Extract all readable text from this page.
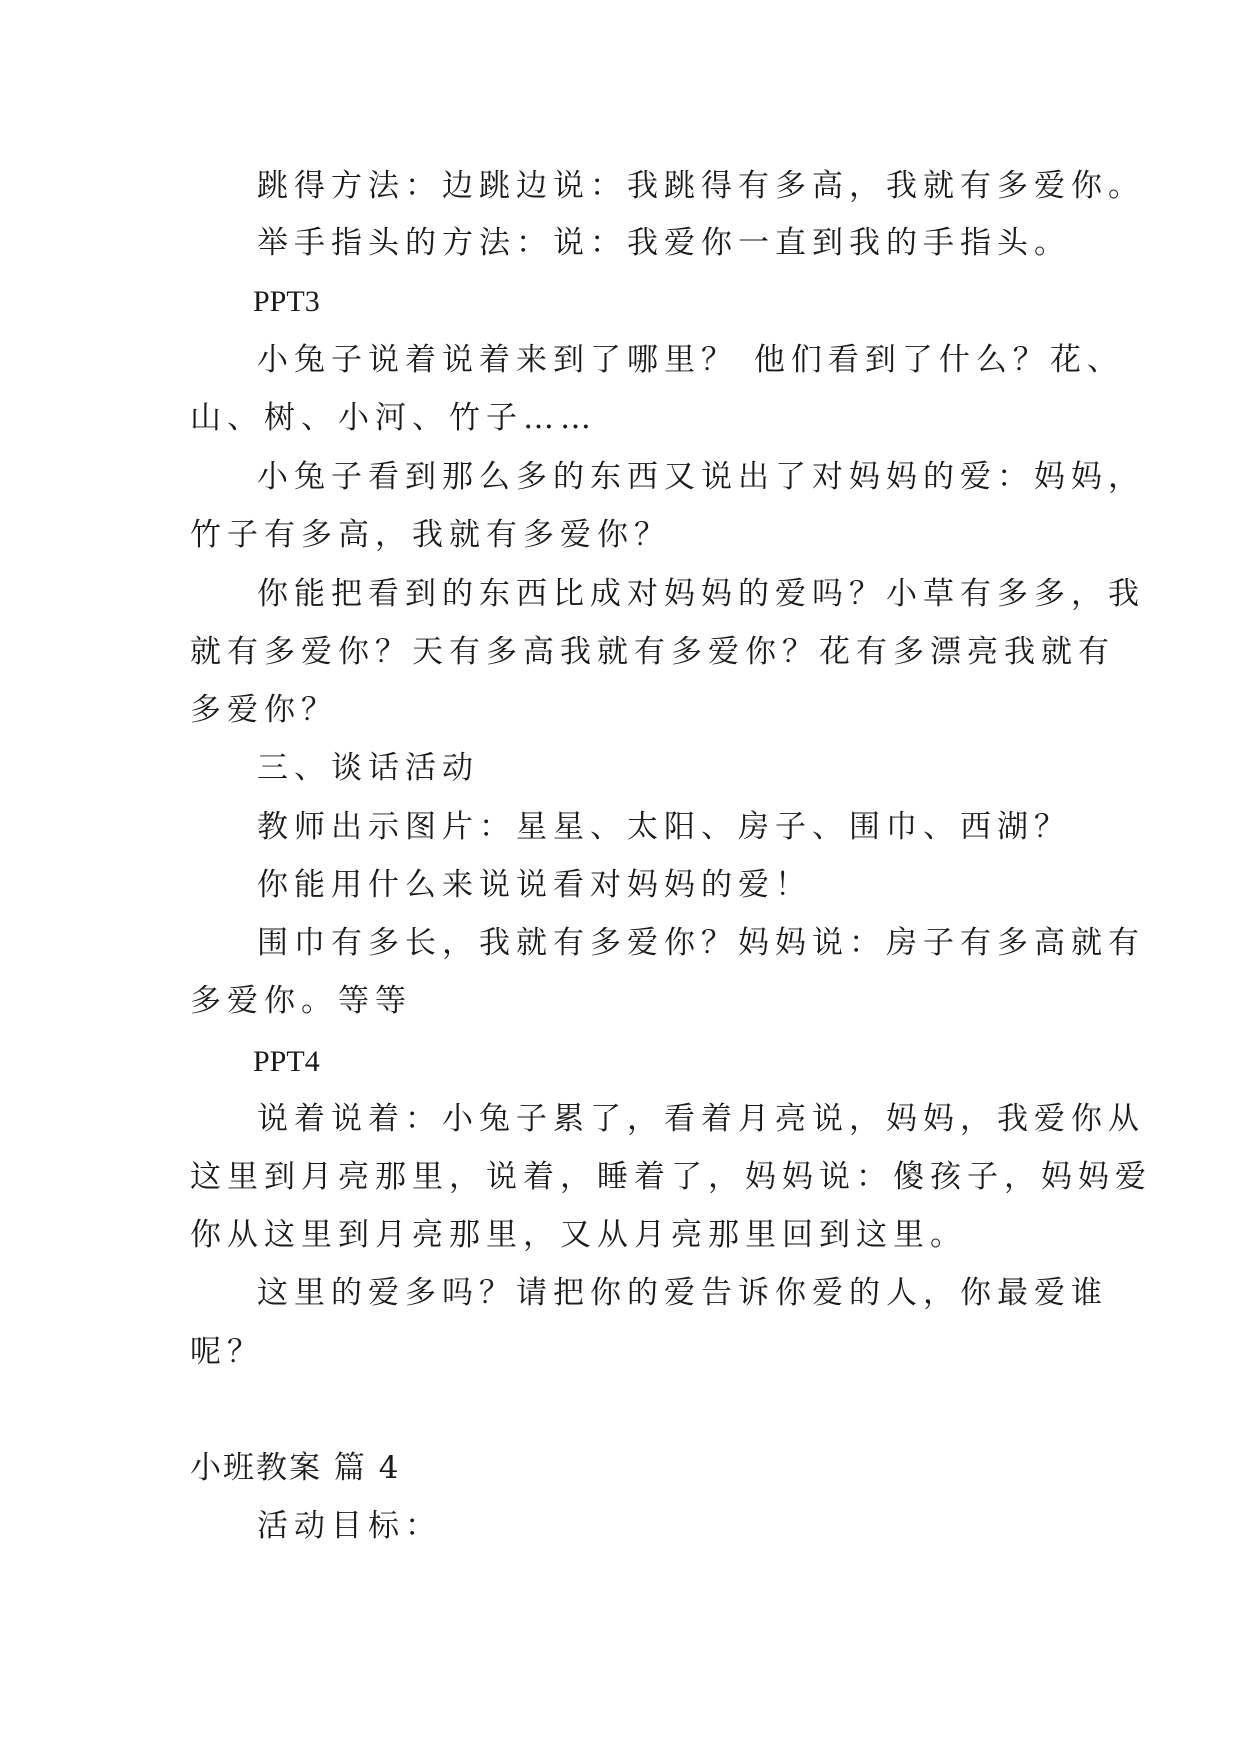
跳得方法：边跳边说：我跳得有多高，我就有多爱你。

举手指头的方法：说：我爱你一直到我的手指头。

PPT3

小兔子说着说着来到了哪里？ 他们看到了什么？花、

山、树、小河、竹子……

小兔子看到那么多的东西又说出了对妈妈的爱：妈妈，

竹子有多高，我就有多爱你？

你能把看到的东西比成对妈妈的爱吗？小草有多多，我

就有多爱你？天有多高我就有多爱你？花有多漂亮我就有

多爱你？

三、谈话活动

教师出示图片：星星、太阳、房子、围巾、西湖？

你能用什么来说说看对妈妈的爱！

围巾有多长，我就有多爱你？妈妈说：房子有多高就有

多爱你。等等

PPT4

说着说着：小兔子累了，看着月亮说，妈妈，我爱你从

这里到月亮那里，说着，睡着了，妈妈说：傻孩子，妈妈爱

你从这里到月亮那里，又从月亮那里回到这里。

这里的爱多吗？请把你的爱告诉你爱的人，你最爱谁

呢？

小班教案 篇 4

活动目标：
